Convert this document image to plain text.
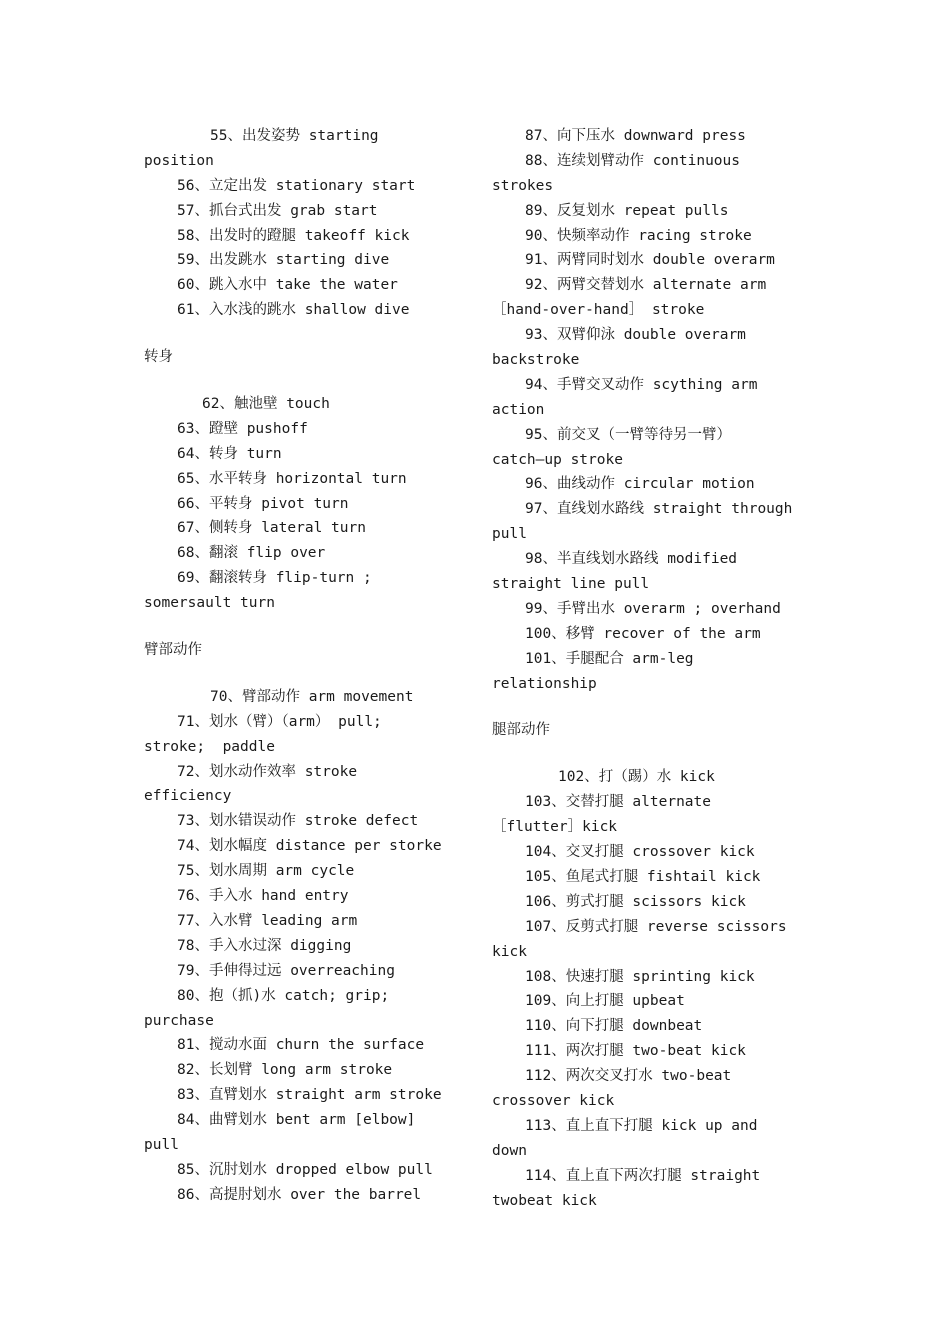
55、出发姿势 starting
position
56、立定出发 stationary start
57、抓台式出发 grab start
58、出发时的蹬腿 takeoff kick
59、出发跳水 starting dive
60、跳入水中 take the water
61、入水浅的跳水 shallow dive
转身
62、触池壁 touch
63、蹬壁 pushoff
64、转身 turn
65、水平转身 horizontal turn
66、平转身 pivot turn
67、侧转身 lateral turn
68、翻滚 flip over
69、翻滚转身 flip-turn ;
somersault turn
臂部动作
70、臂部动作 arm movement
71、划水（臂）（arm） pull;
stroke;  paddle
72、划水动作效率 stroke
efficiency
73、划水错误动作 stroke defect
74、划水幅度 distance per storke
75、划水周期 arm cycle
76、手入水 hand entry
77、入水臂 leading arm
78、手入水过深 digging
79、手伸得过远 overreaching
80、抱（抓)水 catch; grip;
purchase
81、搅动水面 churn the surface
82、长划臂 long arm stroke
83、直臂划水 straight arm stroke
84、曲臂划水 bent arm [elbow]
pull
85、沉肘划水 dropped elbow pull
86、高提肘划水 over the barrel
87、向下压水 downward press
88、连续划臂动作 continuous
strokes
89、反复划水 repeat pulls
90、快频率动作 racing stroke
91、两臂同时划水 double overarm
92、两臂交替划水 alternate arm
［hand-over-hand］ stroke
93、双臂仰泳 double overarm
backstroke
94、手臂交叉动作 scything arm
action
95、前交叉（一臂等待另一臂）
catch—up stroke
96、曲线动作 circular motion
97、直线划水路线 straight through
pull
98、半直线划水路线 modified
straight line pull
99、手臂出水 overarm ; overhand
100、移臂 recover of the arm
101、手腿配合 arm-leg
relationship
腿部动作
102、打（踢）水 kick
103、交替打腿 alternate
［flutter］kick
104、交叉打腿 crossover kick
105、鱼尾式打腿 fishtail kick
106、剪式打腿 scissors kick
107、反剪式打腿 reverse scissors
kick
108、快速打腿 sprinting kick
109、向上打腿 upbeat
110、向下打腿 downbeat
111、两次打腿 two-beat kick
112、两次交叉打水 two-beat
crossover kick
113、直上直下打腿 kick up and
down
114、直上直下两次打腿 straight
twobeat kick
